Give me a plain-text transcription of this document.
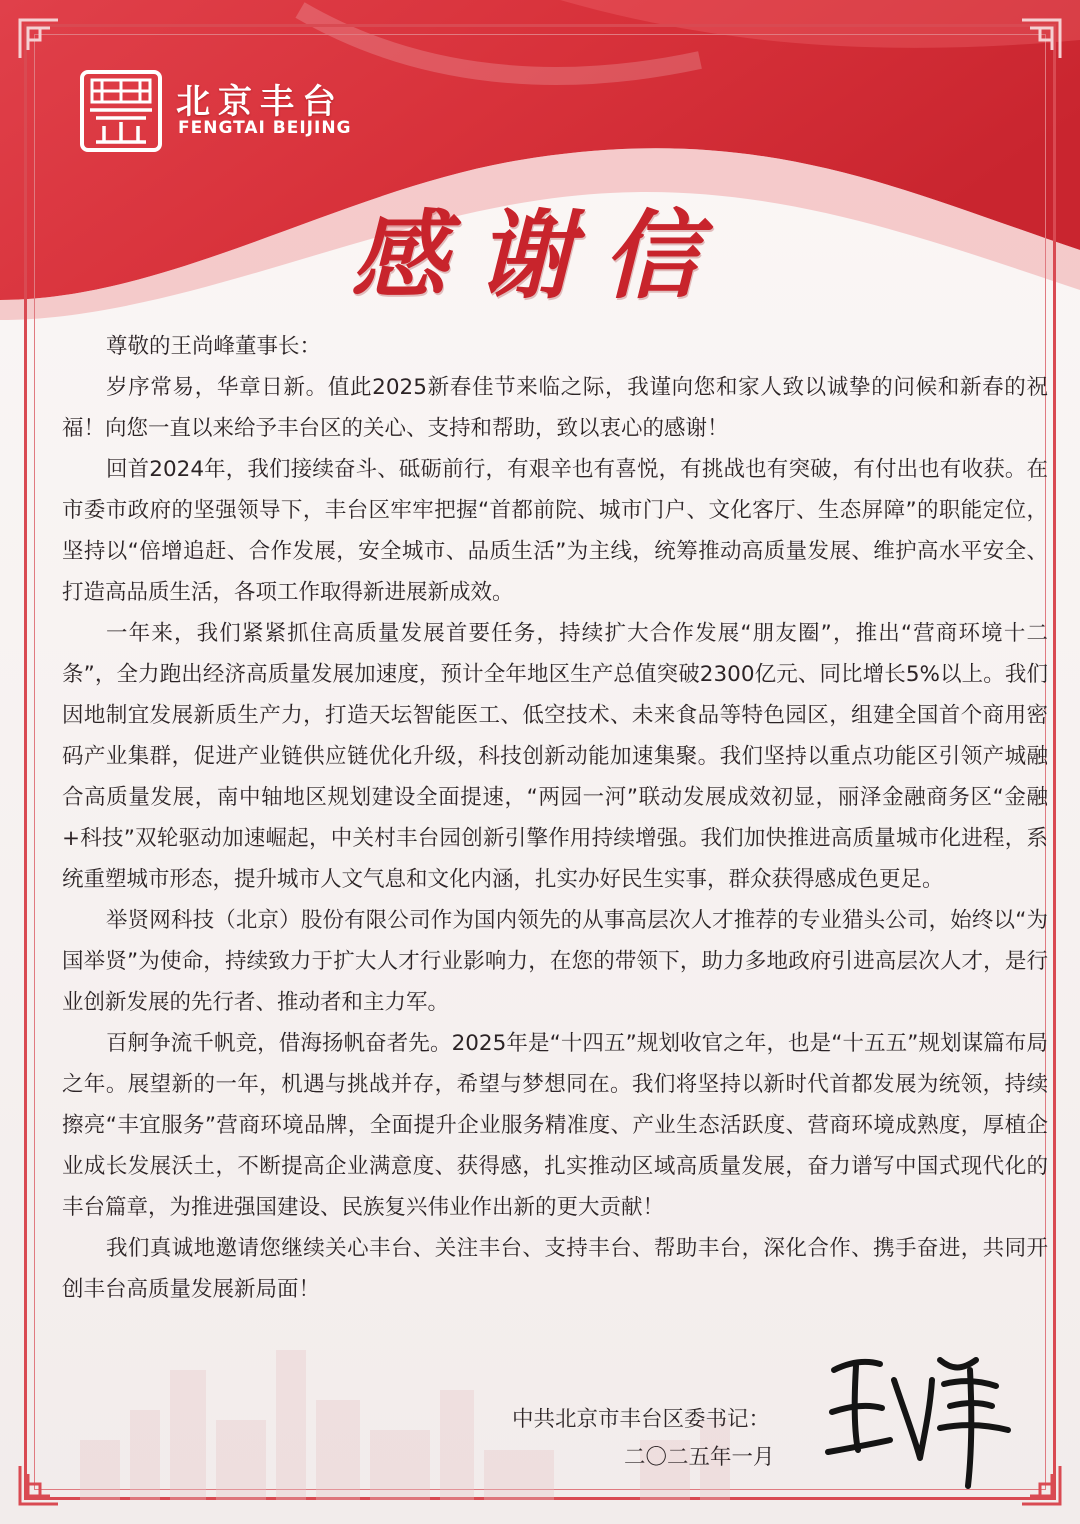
北京丰台
FENGTAI BEIJING
感谢信

尊敬的王尚峰董事长：

岁序常易，华章日新。值此2025新春佳节来临之际，我谨向您和家人致以诚挚的问候和新春的祝福！向您一直以来给予丰台区的关心、支持和帮助，致以衷心的感谢！

回首2024年，我们接续奋斗、砥砺前行，有艰辛也有喜悦，有挑战也有突破，有付出也有收获。在市委市政府的坚强领导下，丰台区牢牢把握“首都前院、城市门户、文化客厅、生态屏障”的职能定位，坚持以“倍增追赶、合作发展，安全城市、品质生活”为主线，统筹推动高质量发展、维护高水平安全、打造高品质生活，各项工作取得新进展新成效。

一年来，我们紧紧抓住高质量发展首要任务，持续扩大合作发展“朋友圈”，推出“营商环境十二条”，全力跑出经济高质量发展加速度，预计全年地区生产总值突破2300亿元、同比增长5%以上。我们因地制宜发展新质生产力，打造天坛智能医工、低空技术、未来食品等特色园区，组建全国首个商用密码产业集群，促进产业链供应链优化升级，科技创新动能加速集聚。我们坚持以重点功能区引领产城融合高质量发展，南中轴地区规划建设全面提速，“两园一河”联动发展成效初显，丽泽金融商务区“金融+科技”双轮驱动加速崛起，中关村丰台园创新引擎作用持续增强。我们加快推进高质量城市化进程，系统重塑城市形态，提升城市人文气息和文化内涵，扎实办好民生实事，群众获得感成色更足。

举贤网科技（北京）股份有限公司作为国内领先的从事高层次人才推荐的专业猎头公司，始终以“为国举贤”为使命，持续致力于扩大人才行业影响力，在您的带领下，助力多地政府引进高层次人才，是行业创新发展的先行者、推动者和主力军。

百舸争流千帆竞，借海扬帆奋者先。2025年是“十四五”规划收官之年，也是“十五五”规划谋篇布局之年。展望新的一年，机遇与挑战并存，希望与梦想同在。我们将坚持以新时代首都发展为统领，持续擦亮“丰宜服务”营商环境品牌，全面提升企业服务精准度、产业生态活跃度、营商环境成熟度，厚植企业成长发展沃土，不断提高企业满意度、获得感，扎实推动区域高质量发展，奋力谱写中国式现代化的丰台篇章，为推进强国建设、民族复兴伟业作出新的更大贡献！

我们真诚地邀请您继续关心丰台、关注丰台、支持丰台、帮助丰台，深化合作、携手奋进，共同开创丰台高质量发展新局面！

中共北京市丰台区委书记：
二〇二五年一月
